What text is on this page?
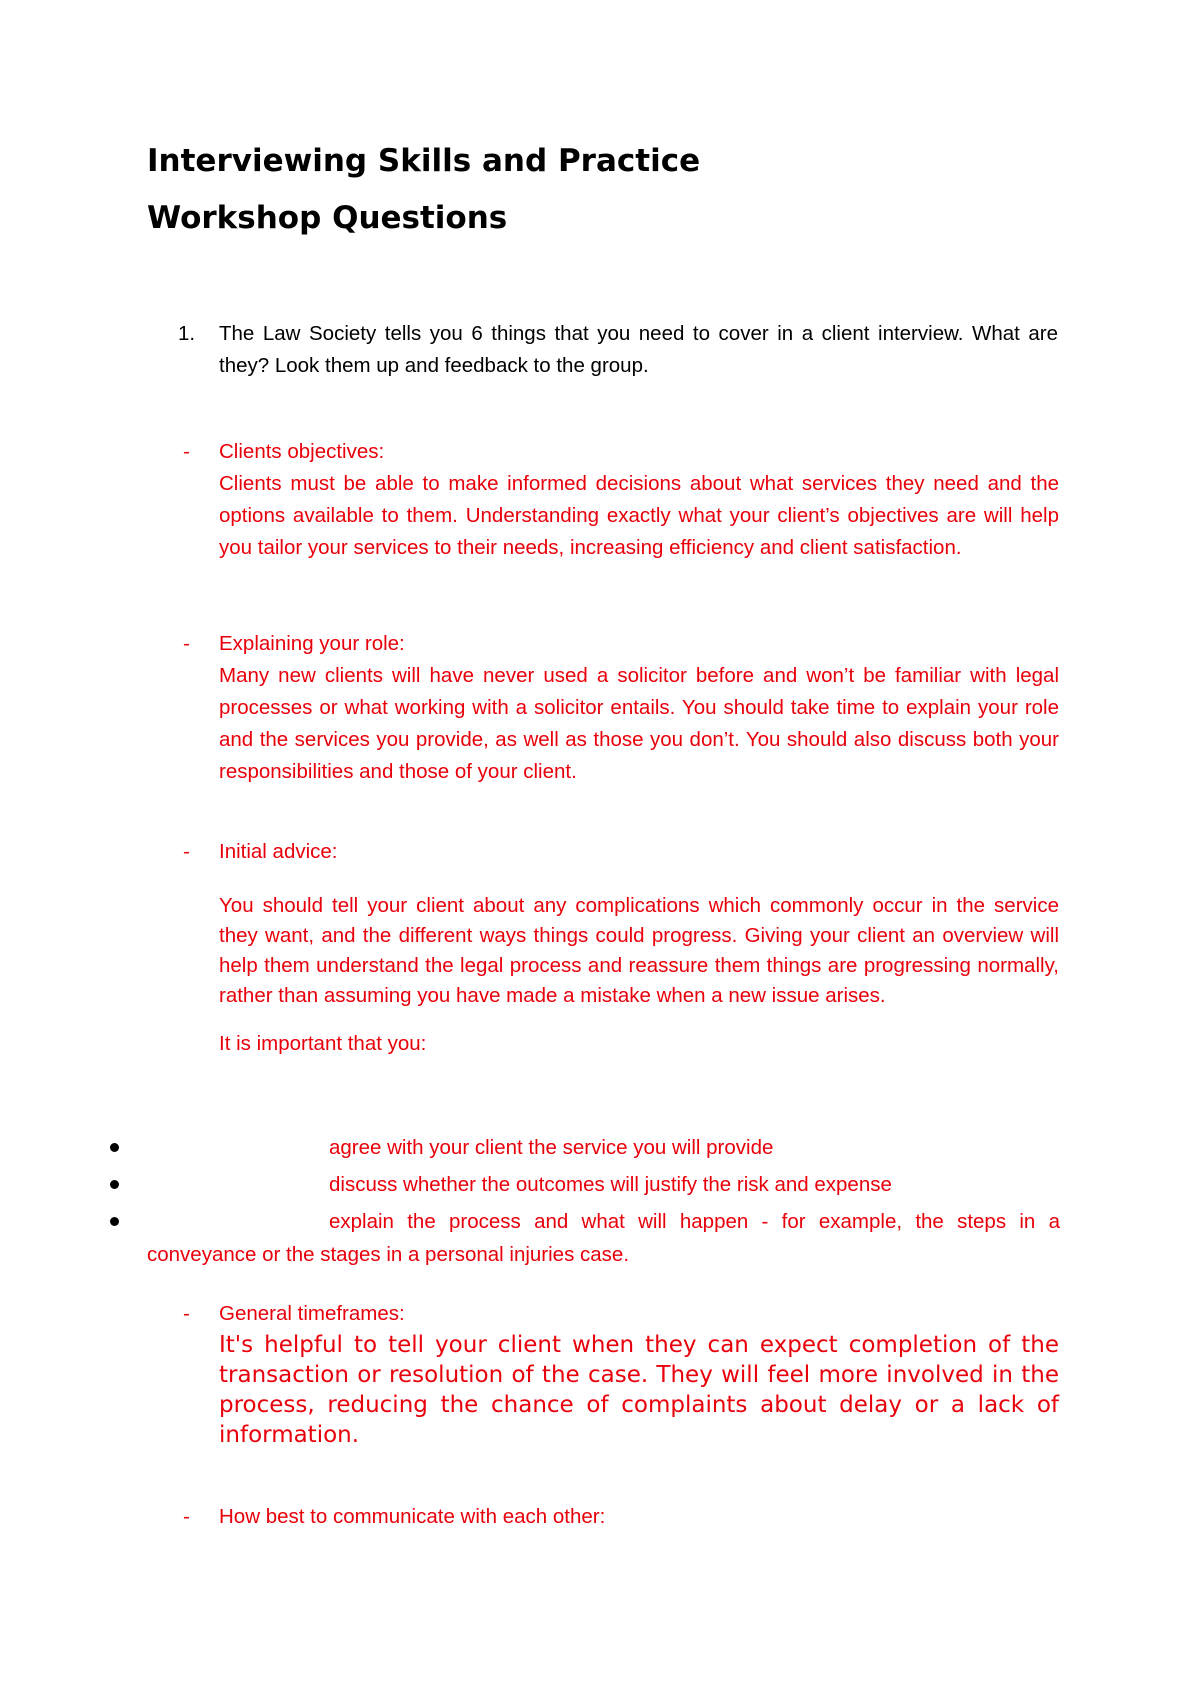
Interviewing Skills and Practice
Workshop Questions
1. The Law Society tells you 6 things that you need to cover in a client interview. What are they? Look them up and feedback to the group.
- Clients objectives:
Clients must be able to make informed decisions about what services they need and the options available to them. Understanding exactly what your client’s objectives are will help you tailor your services to their needs, increasing efficiency and client satisfaction.
- Explaining your role:
Many new clients will have never used a solicitor before and won’t be familiar with legal processes or what working with a solicitor entails. You should take time to explain your role and the services you provide, as well as those you don’t. You should also discuss both your responsibilities and those of your client.
- Initial advice:
You should tell your client about any complications which commonly occur in the service they want, and the different ways things could progress. Giving your client an overview will help them understand the legal process and reassure them things are progressing normally, rather than assuming you have made a mistake when a new issue arises.
It is important that you:
agree with your client the service you will provide
discuss whether the outcomes will justify the risk and expense
explain the process and what will happen - for example, the steps in a
conveyance or the stages in a personal injuries case.
- General timeframes:
It's helpful to tell your client when they can expect completion of the transaction or resolution of the case. They will feel more involved in the process, reducing the chance of complaints about delay or a lack of information.
- How best to communicate with each other:
